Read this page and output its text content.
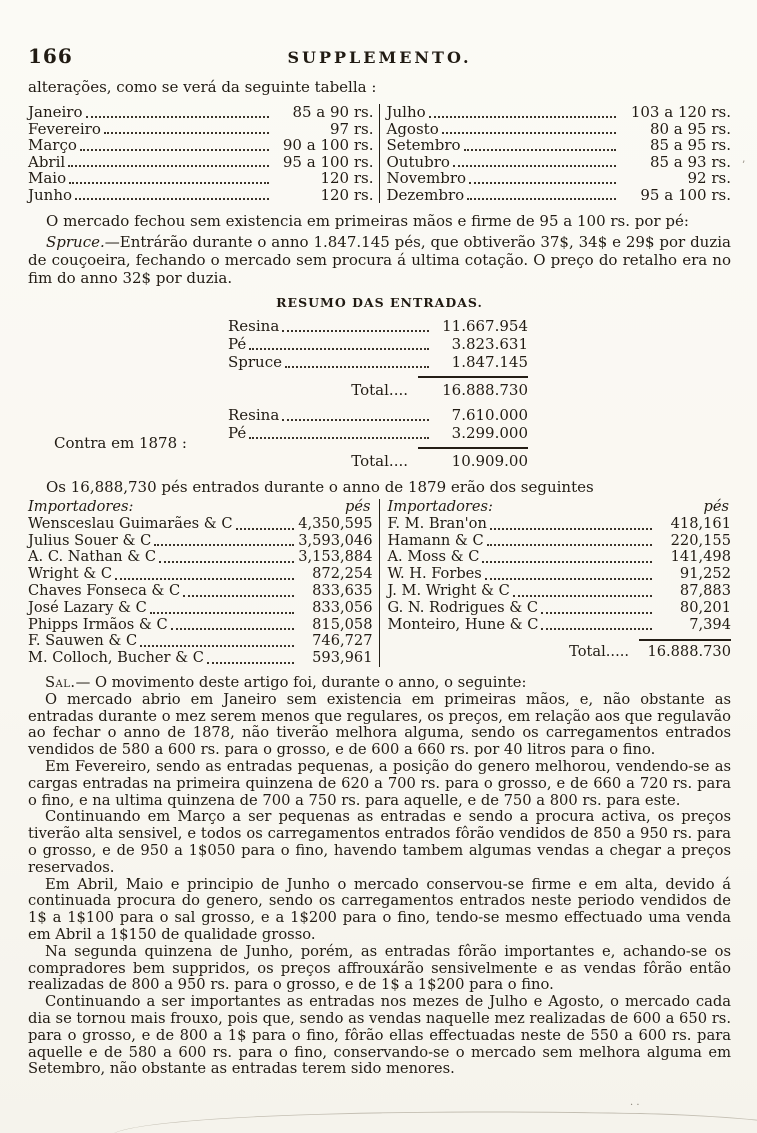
166	SUPPLEMENTO.
alterações, como se verá da seguinte tabella :
Janeiro	85 a 90 rs.
Fevereiro	97 rs.
Março	90 a 100 rs.
Abril	95 a 100 rs.
Maio	120 rs.
Junho	120 rs.
Julho	103 a 120 rs.
Agosto	80 a 95 rs.
Setembro	85 a 95 rs.
Outubro	85 a 93 rs.
Novembro	92 rs.
Dezembro	95 a 100 rs.

O mercado fechou sem existencia em primeiras mãos e firme de 95 a 100 rs. por pé:

Spruce.—Entrárão durante o anno 1.847.145 pés, que obtiverão 37$, 34$ e 29$ por duzia de couçoeira, fechando o mercado sem procura á ultima cotação. O preço do retalho era no fim do anno 32$ por duzia.

RESUMO DAS ENTRADAS.
Resina	11.667.954
Pé	3.823.631
Spruce	1.847.145
Total....	16.888.730
Resina	7.610.000
Pé	3.299.000
Total....	10.909.00
Contra em 1878 :

Os 16,888,730 pés entrados durante o anno de 1879 erão dos seguintes

Importadores:	pés
Wensceslau Guimarães & C	4,350,595
Julius Souer & C	3,593,046
A. C. Nathan & C	3,153,884
Wright & C	872,254
Chaves Fonseca & C	833,635
José Lazary & C	833,056
Phipps Irmãos & C	815,058
F. Sauwen & C	746,727
M. Colloch, Bucher & C	593,961
Importadores:	pés
F. M. Bran'on	418,161
Hamann & C	220,155
A. Moss & C	141,498
W. H. Forbes	91,252
J. M. Wright & C	87,883
G. N. Rodrigues & C	80,201
Monteiro, Hune & C	7,394
Total.....	16.888.730

Sal.— O movimento deste artigo foi, durante o anno, o seguinte:

O mercado abrio em Janeiro sem existencia em primeiras mãos, e, não obstante as entradas durante o mez serem menos que regulares, os preços, em relação aos que regulavão ao fechar o anno de 1878, não tiverão melhora alguma, sendo os carregamentos entrados vendidos de 580 a 600 rs. para o grosso, e de 600 a 660 rs. por 40 litros para o fino.

Em Fevereiro, sendo as entradas pequenas, a posição do genero melhorou, vendendo-se as cargas entradas na primeira quinzena de 620 a 700 rs. para o grosso, e de 660 a 720 rs. para o fino, e na ultima quinzena de 700 a 750 rs. para aquelle, e de 750 a 800 rs. para este.

Continuando em Março a ser pequenas as entradas e sendo a procura activa, os preços tiverão alta sensivel, e todos os carregamentos entrados fôrão vendidos de 850 a 950 rs. para o grosso, e de 950 a 1$050 para o fino, havendo tambem algumas vendas a chegar a preços reservados.

Em Abril, Maio e principio de Junho o mercado conservou-se firme e em alta, devido á continuada procura do genero, sendo os carregamentos entrados neste periodo vendidos de 1$ a 1$100 para o sal grosso, e a 1$200 para o fino, tendo-se mesmo effectuado uma venda em Abril a 1$150 de qualidade grosso.

Na segunda quinzena de Junho, porém, as entradas fôrão importantes e, achando-se os compradores bem suppridos, os preços affrouxárão sensivelmente e as vendas fôrão então realizadas de 800 a 950 rs. para o grosso, e de 1$ a 1$200 para o fino.

Continuando a ser importantes as entradas nos mezes de Julho e Agosto, o mercado cada dia se tornou mais frouxo, pois que, sendo as vendas naquelle mez realizadas de 600 a 650 rs. para o grosso, e de 800 a 1$ para o fino, fôrão ellas effectuadas neste de 550 a 600 rs. para aquelle e de 580 a 600 rs. para o fino, conservando-se o mercado sem melhora alguma em Setembro, não obstante as entradas terem sido menores.

’
· ·
